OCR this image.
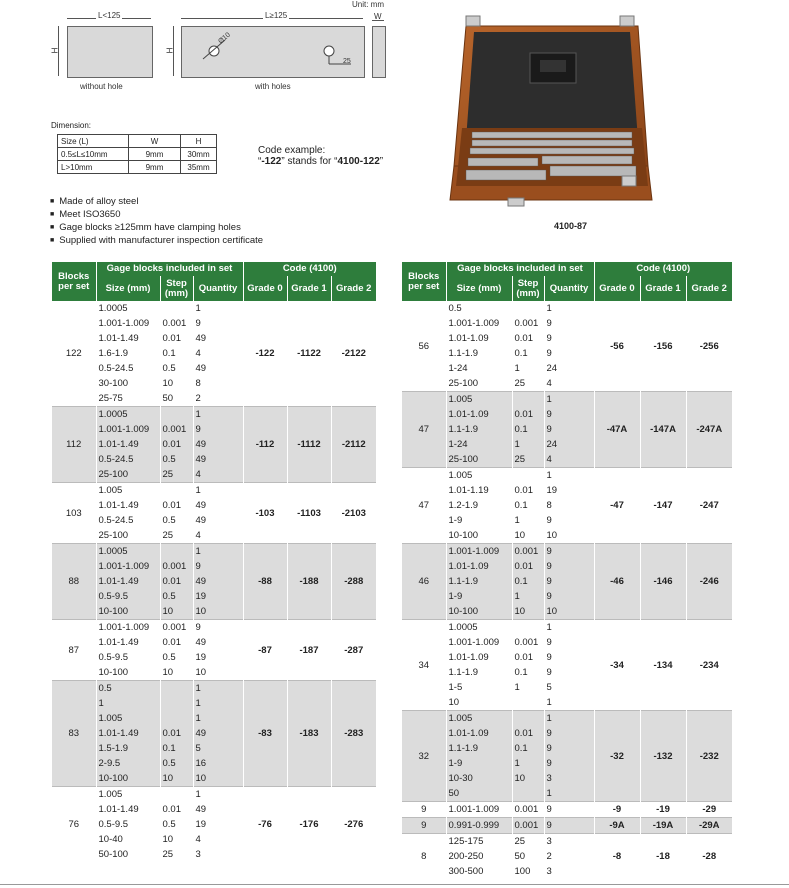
Unit: mm
L<125
H
without hole
L≥125
Ø10
25
H
with holes
W
Dimension:
Size (L)	W	H
0.5≤L≤10mm	9mm	30mm
L>10mm	9mm	35mm
Code example:
“-122” stands for “4100-122”
■ Made of alloy steel
■ Meet ISO3650
■ Gage blocks ≥125mm have clamping holes
■ Supplied with manufacturer inspection certificate
4100-87
Blocks per set	Gage blocks included in set			Code (4100)		
	Size (mm)	Step (mm)	Quantity	Grade 0	Grade 1	Grade 2
122	1.0005		1	-122	-1122	-2122
	1.001-1.009	0.001	9			
	1.01-1.49	0.01	49			
	1.6-1.9	0.1	4			
	0.5-24.5	0.5	49			
	30-100	10	8			
	25-75	50	2			
112	1.0005		1	-112	-1112	-2112
	1.001-1.009	0.001	9			
	1.01-1.49	0.01	49			
	0.5-24.5	0.5	49			
	25-100	25	4			
103	1.005		1	-103	-1103	-2103
	1.01-1.49	0.01	49			
	0.5-24.5	0.5	49			
	25-100	25	4			
88	1.0005		1	-88	-188	-288
	1.001-1.009	0.001	9			
	1.01-1.49	0.01	49			
	0.5-9.5	0.5	19			
	10-100	10	10			
87	1.001-1.009	0.001	9	-87	-187	-287
	1.01-1.49	0.01	49			
	0.5-9.5	0.5	19			
	10-100	10	10			
83	0.5		1	-83	-183	-283
	1		1			
	1.005		1			
	1.01-1.49	0.01	49			
	1.5-1.9	0.1	5			
	2-9.5	0.5	16			
	10-100	10	10			
76	1.005		1	-76	-176	-276
	1.01-1.49	0.01	49			
	0.5-9.5	0.5	19			
	10-40	10	4			
	50-100	25	3			
Blocks per set	Gage blocks included in set			Code (4100)		
	Size (mm)	Step (mm)	Quantity	Grade 0	Grade 1	Grade 2
56	0.5		1	-56	-156	-256
	1.001-1.009	0.001	9			
	1.01-1.09	0.01	9			
	1.1-1.9	0.1	9			
	1-24	1	24			
	25-100	25	4			
47	1.005		1	-47A	-147A	-247A
	1.01-1.09	0.01	9			
	1.1-1.9	0.1	9			
	1-24	1	24			
	25-100	25	4			
47	1.005		1	-47	-147	-247
	1.01-1.19	0.01	19			
	1.2-1.9	0.1	8			
	1-9	1	9			
	10-100	10	10			
46	1.001-1.009	0.001	9	-46	-146	-246
	1.01-1.09	0.01	9			
	1.1-1.9	0.1	9			
	1-9	1	9			
	10-100	10	10			
34	1.0005		1	-34	-134	-234
	1.001-1.009	0.001	9			
	1.01-1.09	0.01	9			
	1.1-1.9	0.1	9			
	1-5	1	5			
	10		1			
32	1.005		1	-32	-132	-232
	1.01-1.09	0.01	9			
	1.1-1.9	0.1	9			
	1-9	1	9			
	10-30	10	3			
	50		1			
9	1.001-1.009	0.001	9	-9	-19	-29
9	0.991-0.999	0.001	9	-9A	-19A	-29A
8	125-175	25	3	-8	-18	-28
	200-250	50	2			
	300-500	100	3			
